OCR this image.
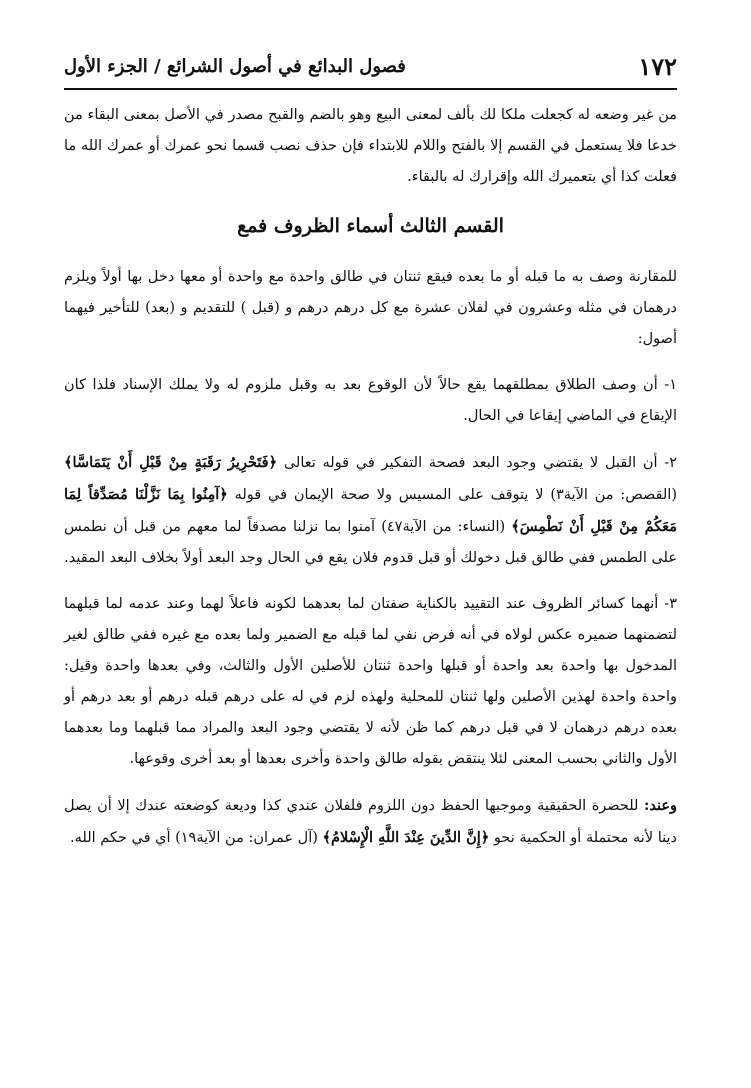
١٧٢
فصول البدائع في أصول الشرائع / الجزء الأول

من غير وضعه له كجعلت ملكا لك بألف لمعنى البيع وهو بالضم والقبح مصدر في الأصل بمعنى البقاء من خدعا فلا يستعمل في القسم إلا بالفتح واللام للابتداء فإن حذف نصب قسما نحو عمرك أو عمرك الله ما فعلت كذا أي بتعميرك الله وإقرارك له بالبقاء.

القسم الثالث أسماء الظروف فمع

للمقارنة وصف به ما قبله أو ما بعده فيقع ثنتان في طالق واحدة مع واحدة أو معها دخل بها أولاً ويلزم درهمان في مثله وعشرون في لفلان عشرة مع كل درهم درهم و (قبل ) للتقديم و (بعد) للتأخير فيهما أصول:

١- أن وصف الطلاق بمطلقهما يقع حالاً لأن الوقوع بعد به وقبل ملزوم له ولا يملك الإسناد فلذا كان الإيقاع في الماضي إيقاعا في الحال.

٢- أن القبل لا يقتضي وجود البعد فصحة التفكير في قوله تعالى ﴿فَتَحْرِيرُ رَقَبَةٍ مِنْ قَبْلِ أَنْ يَتَمَاسَّا﴾ (القصص: من الآية٣) لا يتوقف على المسيس ولا صحة الإيمان في قوله ﴿آمِنُوا بِمَا نَزَّلْنَا مُصَدِّقاً لِمَا مَعَكُمْ مِنْ قَبْلِ أَنْ نَطْمِسَ﴾ (النساء: من الآية٤٧) آمنوا بما نزلنا مصدقاً لما معهم من قبل أن نطمس على الطمس ففي طالق قبل دخولك أو قبل قدوم فلان يقع في الحال وجد البعد أولاً بخلاف البعد المقيد.

٣- أنهما كسائر الظروف عند التقييد بالكناية صفتان لما بعدهما لكونه فاعلاً لهما وعند عدمه لما قبلهما لتضمنهما ضميره عكس لولاه في أنه فرض نفي لما قبله مع الضمير ولما بعده مع غيره ففي طالق لغير المدخول بها واحدة بعد واحدة أو قبلها واحدة ثنتان للأصلين الأول والثالث، وفي بعدها واحدة وقيل: واحدة واحدة لهذين الأصلين ولها ثنتان للمحلية ولهذه لزم في له على درهم قبله درهم أو بعد درهم أو بعده درهم درهمان لا في قبل درهم كما ظن لأنه لا يقتضي وجود البعد والمراد مما قبلهما وما بعدهما الأول والثاني بحسب المعنى لئلا ينتقض بقوله طالق واحدة وأخرى بعدها أو بعد أخرى وقوعها.

وعند: للحضرة الحقيقية وموجبها الحفظ دون اللزوم فلفلان عندي كذا وديعة كوضعته عندك إلا أن يصل دينا لأنه محتملة أو الحكمية نحو ﴿إِنَّ الدِّينَ عِنْدَ اللَّهِ الْإِسْلامُ﴾ (آل عمران: من الآية١٩) أي في حكم الله.
